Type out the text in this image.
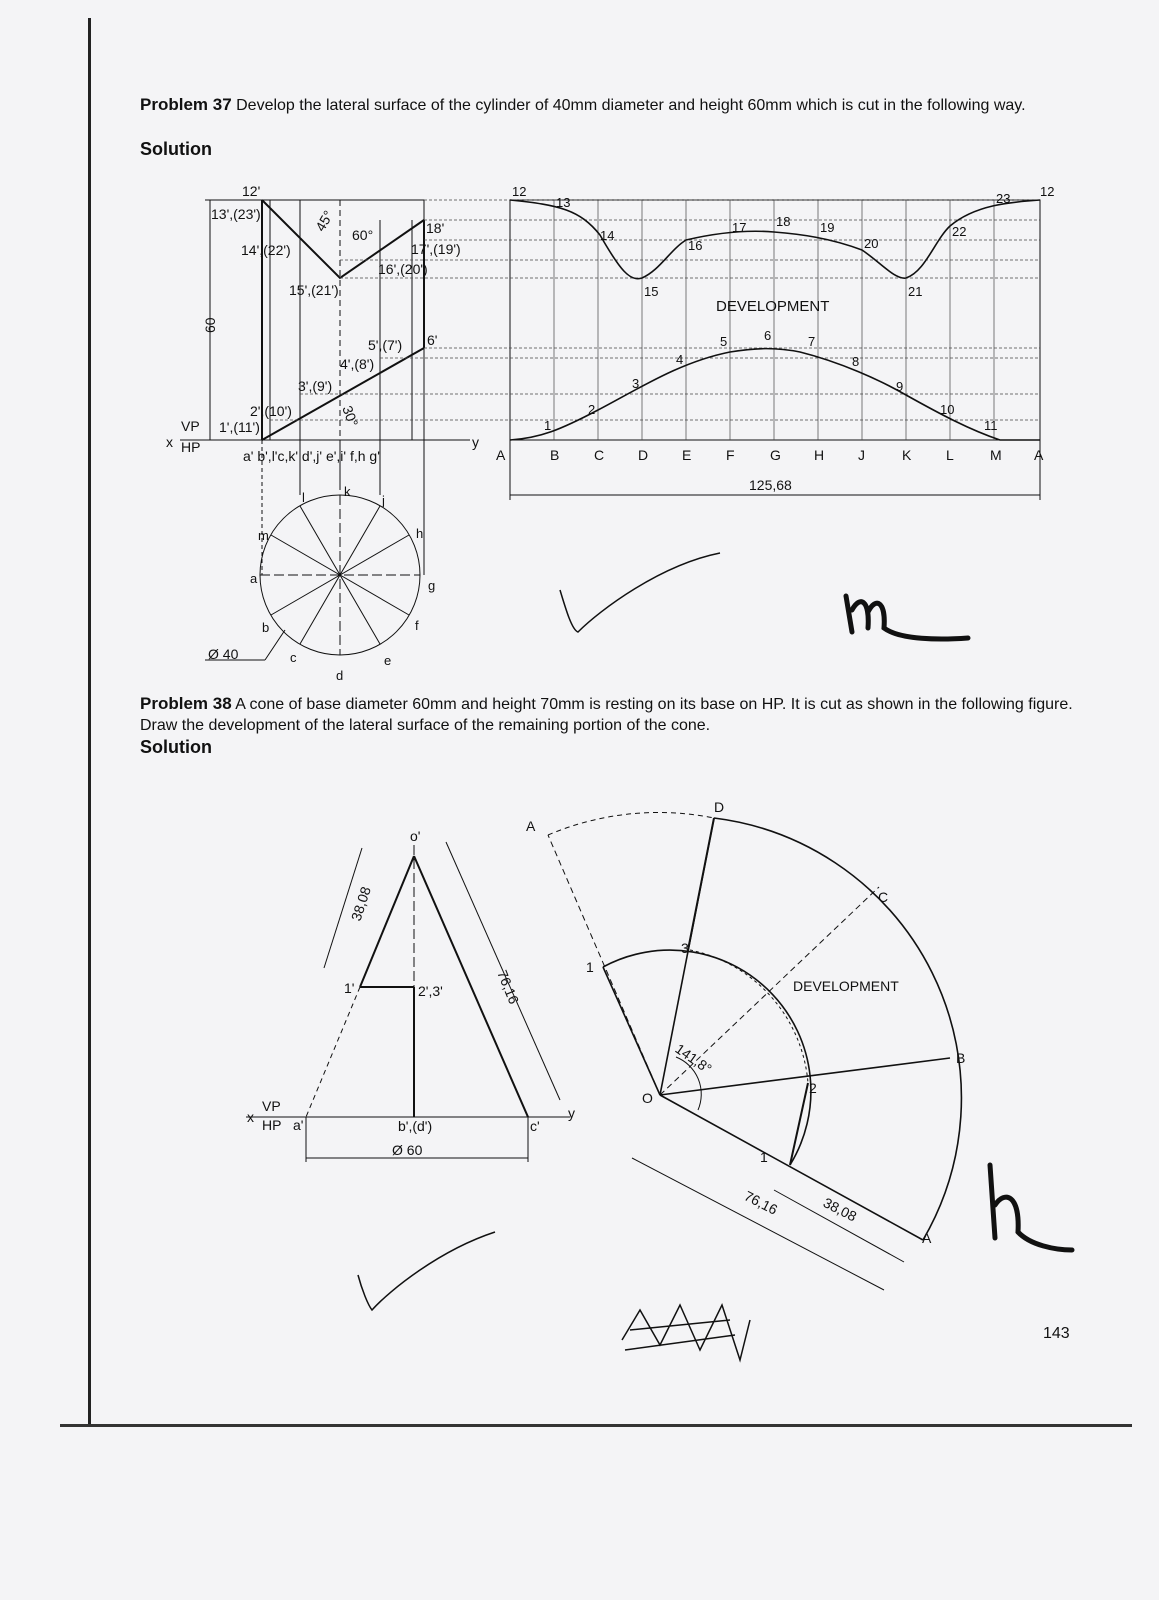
Problem 37 Develop the lateral surface of the cylinder of 40mm diameter and height 60mm which is cut in the following way.
Solution
Problem 38 A cone of base diameter 60mm and height 70mm is resting on its base on HP. It is cut as shown in the following figure. Draw the development of the lateral surface of the remaining portion of the cone.
Solution
143
12'
13',(23')
14',(22')
15',(21')
16',(20')
17',(19')
18'
5',(7') 6'
4',(8')
3',(9')
2',(10')
1',(11')
60
45°
60°
30°
x
VP
HP	y
a' b',l'c,k' d',j' e',i' f,h g'
Ø 40
DEVELOPMENT
125,68
12
13
14
15
16
17 18 19
20
21
22
23 12
1
2
3
4
5	6	7
8
9
10
11
A	B C D E F	G H J	K L	M A
a
b
c
d
e
f
g
h
j
k
l
m
o'
38,08
76,16
1'	2',3'
x
VP
HP a'	b',(d')	c'
y
Ø 60
A
D
C
B
A
O
1
2
3
1
141,8°
DEVELOPMENT
76,16	38,08
